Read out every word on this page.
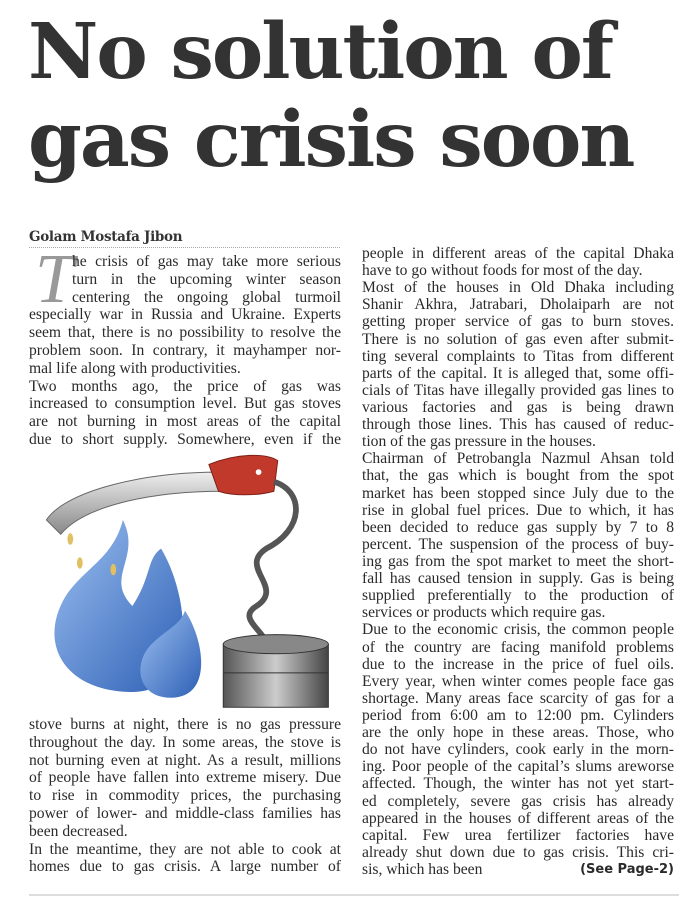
No solution of
gas crisis soon
Golam Mostafa Jibon
T
he crisis of gas may take more serious
turn in the upcoming winter season
centering the ongoing global turmoil
especially war in Russia and Ukraine. Experts
seem that, there is no possibility to resolve the
problem soon. In contrary, it mayhamper nor-
mal life along with productivities.
Two months ago, the price of gas was
increased to consumption level. But gas stoves
are not burning in most areas of the capital
due to short supply. Somewhere, even if the
stove burns at night, there is no gas pressure
throughout the day. In some areas, the stove is
not burning even at night. As a result, millions
of people have fallen into extreme misery. Due
to rise in commodity prices, the purchasing
power of lower- and middle-class families has
been decreased.
In the meantime, they are not able to cook at
homes due to gas crisis. A large number of
people in different areas of the capital Dhaka
have to go without foods for most of the day.
Most of the houses in Old Dhaka including
Shanir Akhra, Jatrabari, Dholaiparh are not
getting proper service of gas to burn stoves.
There is no solution of gas even after submit-
ting several complaints to Titas from different
parts of the capital. It is alleged that, some offi-
cials of Titas have illegally provided gas lines to
various factories and gas is being drawn
through those lines. This has caused of reduc-
tion of the gas pressure in the houses.
Chairman of Petrobangla Nazmul Ahsan told
that, the gas which is bought from the spot
market has been stopped since July due to the
rise in global fuel prices. Due to which, it has
been decided to reduce gas supply by 7 to 8
percent. The suspension of the process of buy-
ing gas from the spot market to meet the short-
fall has caused tension in supply. Gas is being
supplied preferentially to the production of
services or products which require gas.
Due to the economic crisis, the common people
of the country are facing manifold problems
due to the increase in the price of fuel oils.
Every year, when winter comes people face gas
shortage. Many areas face scarcity of gas for a
period from 6:00 am to 12:00 pm. Cylinders
are the only hope in these areas. Those, who
do not have cylinders, cook early in the morn-
ing. Poor people of the capital’s slums areworse
affected. Though, the winter has not yet start-
ed completely, severe gas crisis has already
appeared in the houses of different areas of the
capital. Few urea fertilizer factories have
already shut down due to gas crisis. This cri-
sis, which has been	(See Page-2)
